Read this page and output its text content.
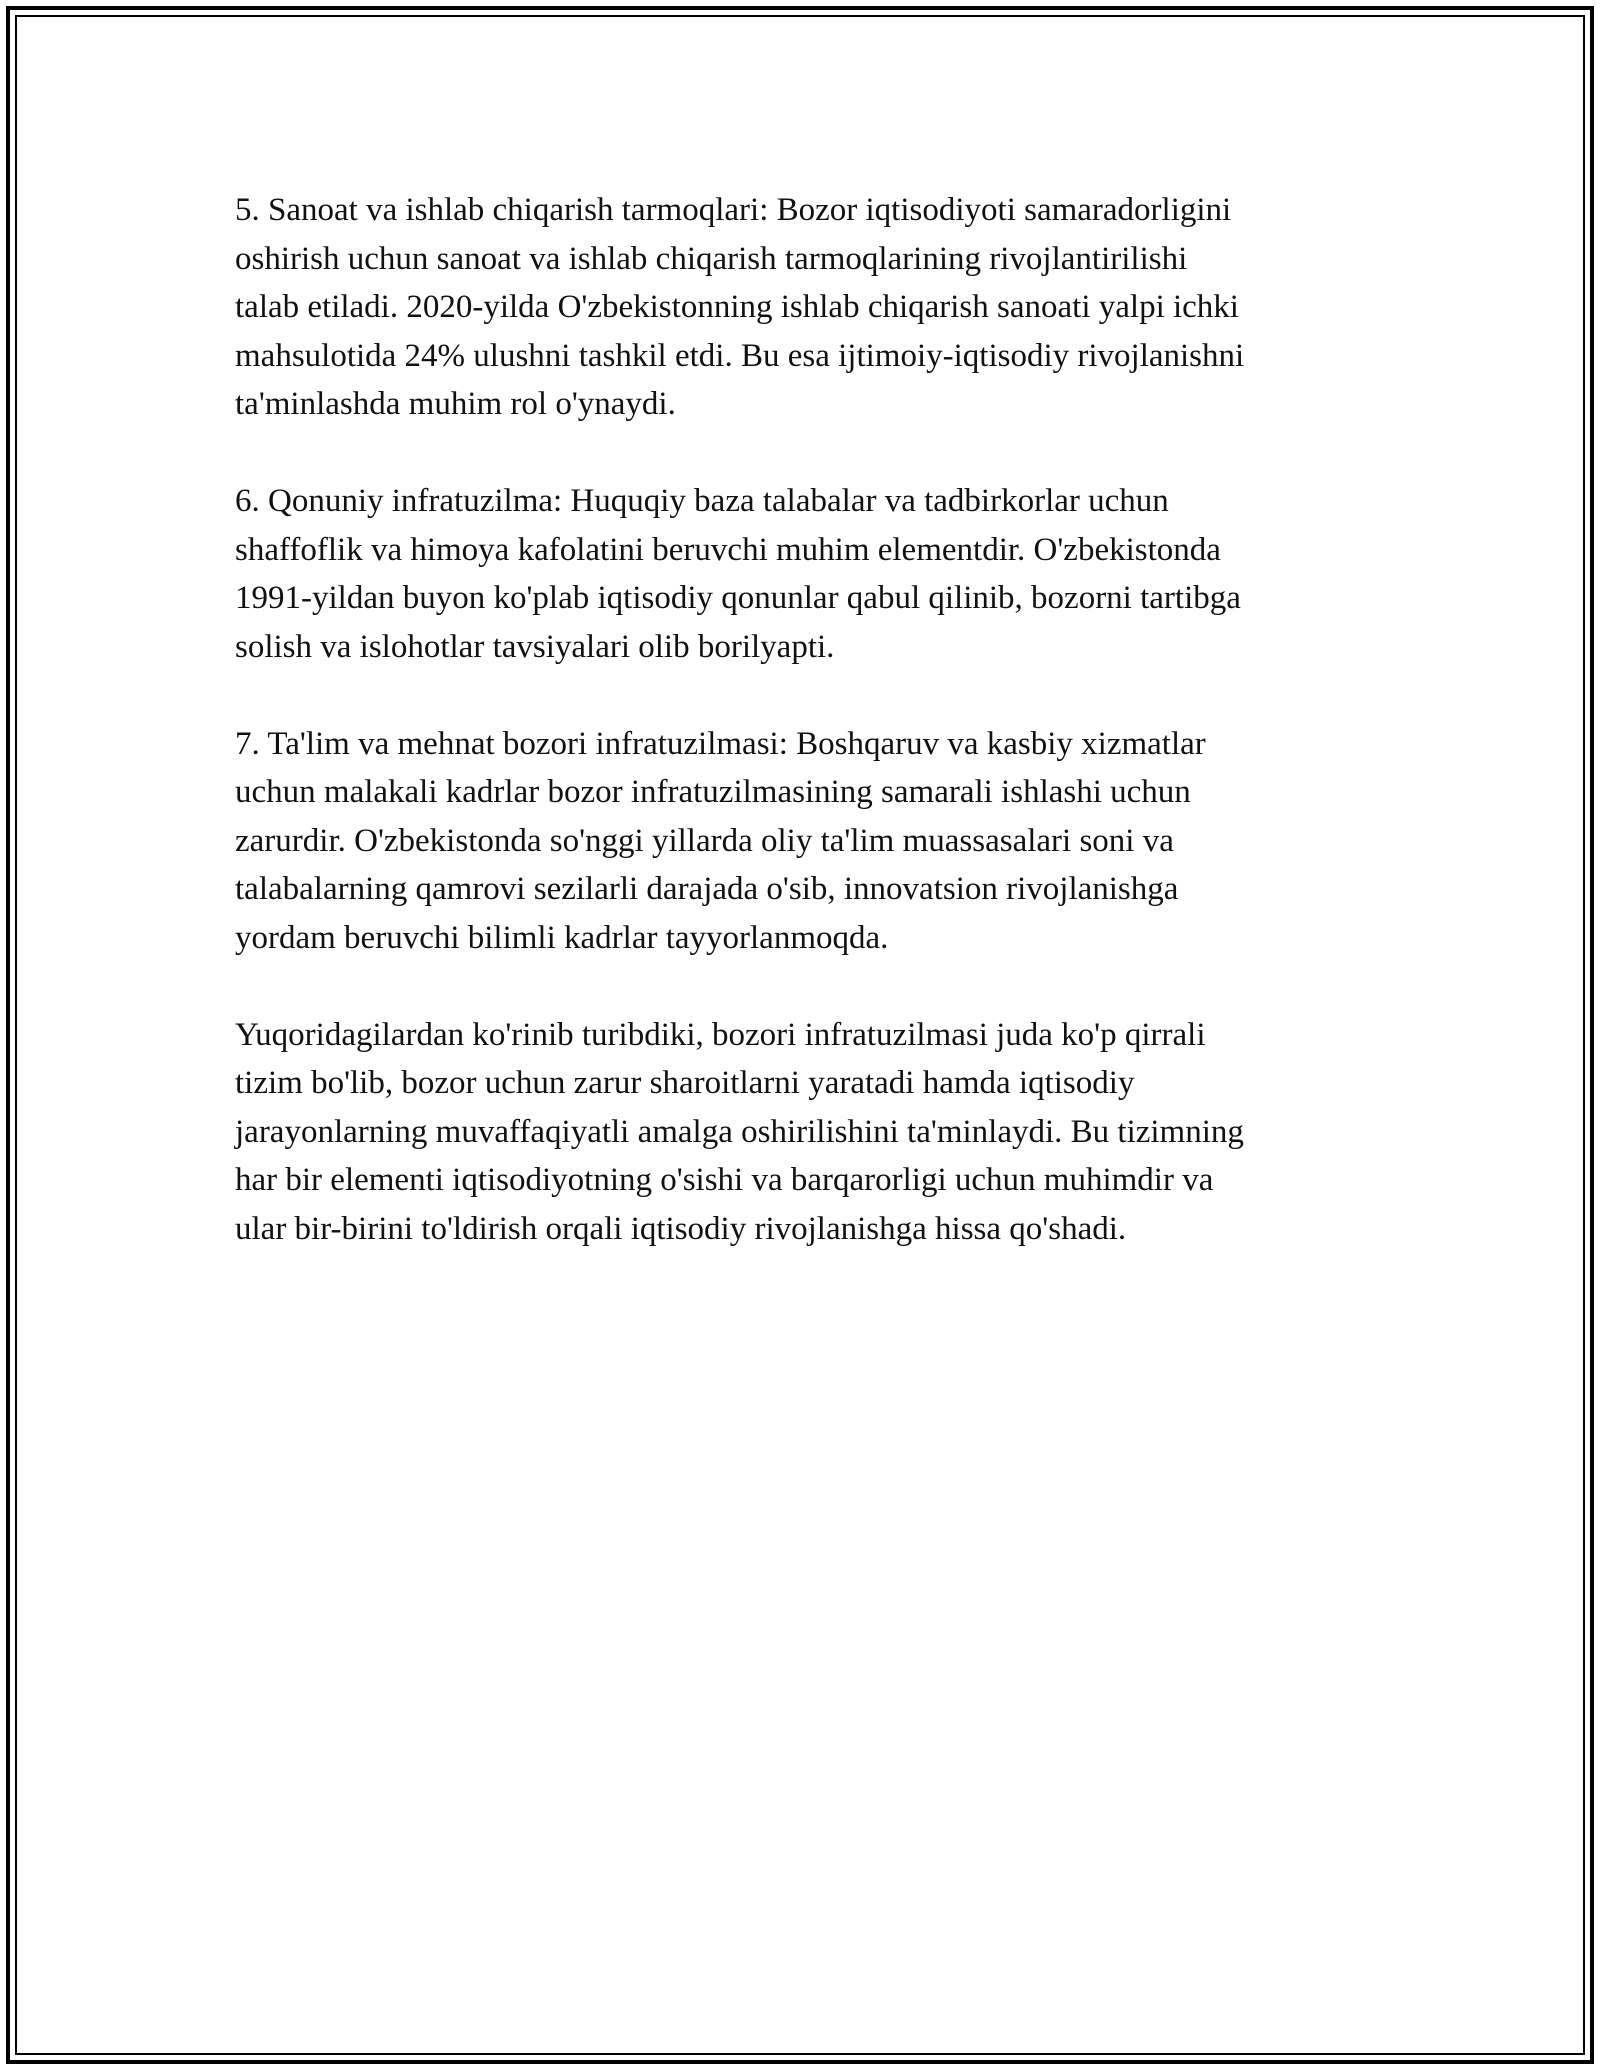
5. Sanoat va ishlab chiqarish tarmoqlari: Bozor iqtisodiyoti samaradorligini
oshirish uchun sanoat va ishlab chiqarish tarmoqlarining rivojlantirilishi
talab etiladi. 2020-yilda O'zbekistonning ishlab chiqarish sanoati yalpi ichki
mahsulotida 24% ulushni tashkil etdi. Bu esa ijtimoiy-iqtisodiy rivojlanishni
ta'minlashda muhim rol o'ynaydi.

6. Qonuniy infratuzilma: Huquqiy baza talabalar va tadbirkorlar uchun
shaffoflik va himoya kafolatini beruvchi muhim elementdir. O'zbekistonda
1991-yildan buyon ko'plab iqtisodiy qonunlar qabul qilinib, bozorni tartibga
solish va islohotlar tavsiyalari olib borilyapti.

7. Ta'lim va mehnat bozori infratuzilmasi: Boshqaruv va kasbiy xizmatlar
uchun malakali kadrlar bozor infratuzilmasining samarali ishlashi uchun
zarurdir. O'zbekistonda so'nggi yillarda oliy ta'lim muassasalari soni va
talabalarning qamrovi sezilarli darajada o'sib, innovatsion rivojlanishga
yordam beruvchi bilimli kadrlar tayyorlanmoqda.

Yuqoridagilardan ko'rinib turibdiki, bozori infratuzilmasi juda ko'p qirrali
tizim bo'lib, bozor uchun zarur sharoitlarni yaratadi hamda iqtisodiy
jarayonlarning muvaffaqiyatli amalga oshirilishini ta'minlaydi. Bu tizimning
har bir elementi iqtisodiyotning o'sishi va barqarorligi uchun muhimdir va
ular bir-birini to'ldirish orqali iqtisodiy rivojlanishga hissa qo'shadi.
